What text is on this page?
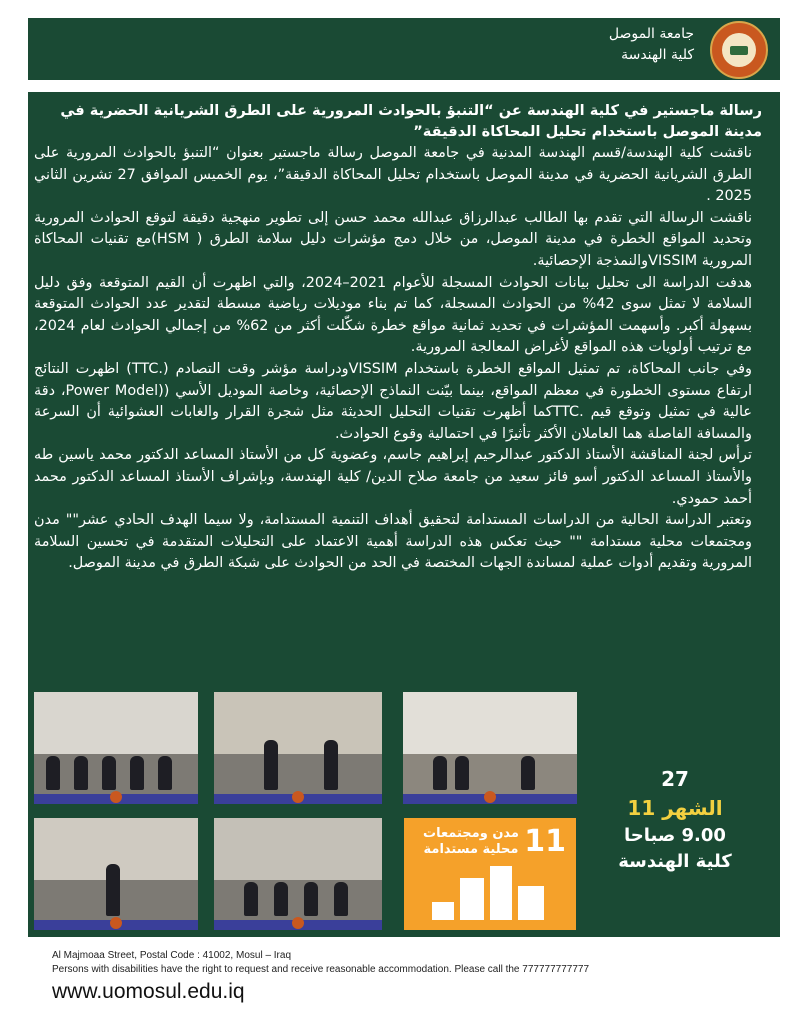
جامعة الموصل
كلية الهندسة
رسالة ماجستير في كلية الهندسة عن “التنبؤ بالحوادث المرورية على الطرق الشريانية الحضرية في مدينة الموصل باستخدام تحليل المحاكاة الدقيقة”

ناقشت كلية الهندسة/قسم الهندسة المدنية في جامعة الموصل رسالة ماجستير بعنوان “التنبؤ بالحوادث المرورية على الطرق الشريانية الحضرية في مدينة الموصل باستخدام تحليل المحاكاة الدقيقة”، يوم الخميس الموافق 27 تشرين الثاني 2025 .

ناقشت الرسالة التي تقدم بها الطالب عبدالرزاق عبدالله محمد حسن إلى تطوير منهجية دقيقة لتوقع الحوادث المرورية وتحديد المواقع الخطرة في مدينة الموصل، من خلال دمج مؤشرات دليل سلامة الطرق ( HSM)مع تقنيات المحاكاة المرورية VISSIMوالنمذجة الإحصائية.

هدفت الدراسة الى تحليل بيانات الحوادث المسجلة للأعوام 2021–2024، والتي اظهرت أن القيم المتوقعة وفق دليل السلامة لا تمثل سوى 42% من الحوادث المسجلة، كما تم بناء موديلات رياضية مبسطة لتقدير عدد الحوادث المتوقعة بسهولة أكبر. وأسهمت المؤشرات في تحديد ثمانية مواقع خطرة شكّلت أكثر من 62% من إجمالي الحوادث لعام 2024، مع ترتيب أولويات هذه المواقع لأغراض المعالجة المرورية.

وفي جانب المحاكاة، تم تمثيل المواقع الخطرة باستخدام VISSIMودراسة مؤشر وقت التصادم (.TTC) اظهرت النتائج ارتفاع مستوى الخطورة في معظم المواقع، بينما بيّنت النماذج الإحصائية، وخاصة الموديل الأسي ((Power Model، دقة عالية في تمثيل وتوقع قيم .TTCكما أظهرت تقنيات التحليل الحديثة مثل شجرة القرار والغابات العشوائية أن السرعة والمسافة الفاصلة هما العاملان الأكثر تأثيرًا في احتمالية وقوع الحوادث.

ترأس لجنة المناقشة الأستاذ الدكتور عبدالرحيم إبراهيم جاسم، وعضوية كل من الأستاذ المساعد الدكتور محمد ياسين طه والأستاذ المساعد الدكتور أسو فائز سعيد من جامعة صلاح الدين/ كلية الهندسة، وبإشراف الأستاذ المساعد الدكتور محمد أحمد حمودي.

وتعتبر الدراسة الحالية من الدراسات المستدامة لتحقيق أهداف التنمية المستدامة، ولا سيما الهدف الحادي عشر"" مدن ومجتمعات محلية مستدامة "" حيث تعكس هذه الدراسة أهمية الاعتماد على التحليلات المتقدمة في تحسين السلامة المرورية وتقديم أدوات عملية لمساندة الجهات المختصة في الحد من الحوادث على شبكة الطرق في مدينة الموصل.

11
مدن ومجتمعات محلية مستدامة
27
الشهر 11
9.00 صباحا
كلية الهندسة
Al Majmoaa Street, Postal Code : 41002, Mosul – Iraq
Persons with disabilities have the right to request and receive reasonable accommodation. Please call the 777777777777
www.uomosul.edu.iq
